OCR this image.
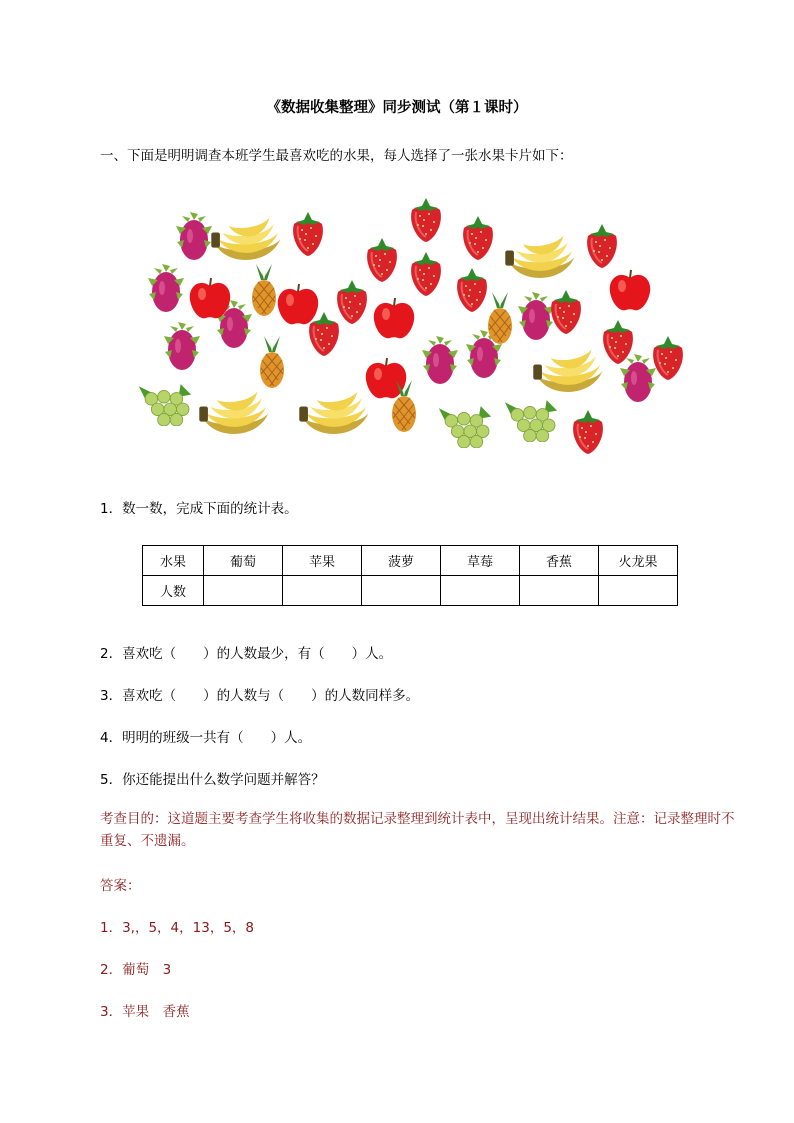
《数据收集整理》同步测试（第１课时）
一、下面是明明调查本班学生最喜欢吃的水果，每人选择了一张水果卡片如下：
1．数一数，完成下面的统计表。
水果	葡萄	苹果	菠萝	草莓	香蕉	火龙果
人数						
2．喜欢吃（　　）的人数最少，有（　　）人。
3．喜欢吃（　　）的人数与（　　）的人数同样多。
4．明明的班级一共有（　　）人。
5．你还能提出什么数学问题并解答？
考查目的：这道题主要考查学生将收集的数据记录整理到统计表中，呈现出统计结果。注意：记录整理时不重复、不遗漏。
答案：
1．3,，5，4，13，5，8
2．葡萄　3
3．苹果　香蕉
